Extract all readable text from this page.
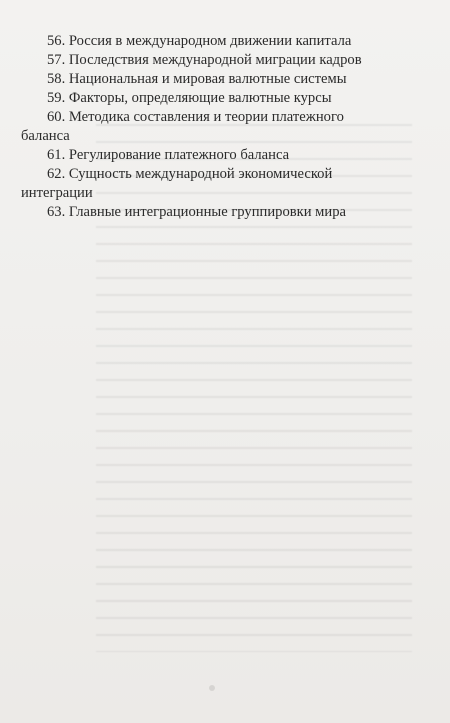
56. Россия в международном движении капитала
57. Последствия международной миграции кадров
58. Национальная и мировая валютные системы
59. Факторы, определяющие валютные курсы
60. Методика составления и теории платежного
баланса
61. Регулирование платежного баланса
62. Сущность международной экономической
интеграции
63. Главные интеграционные группировки мира
